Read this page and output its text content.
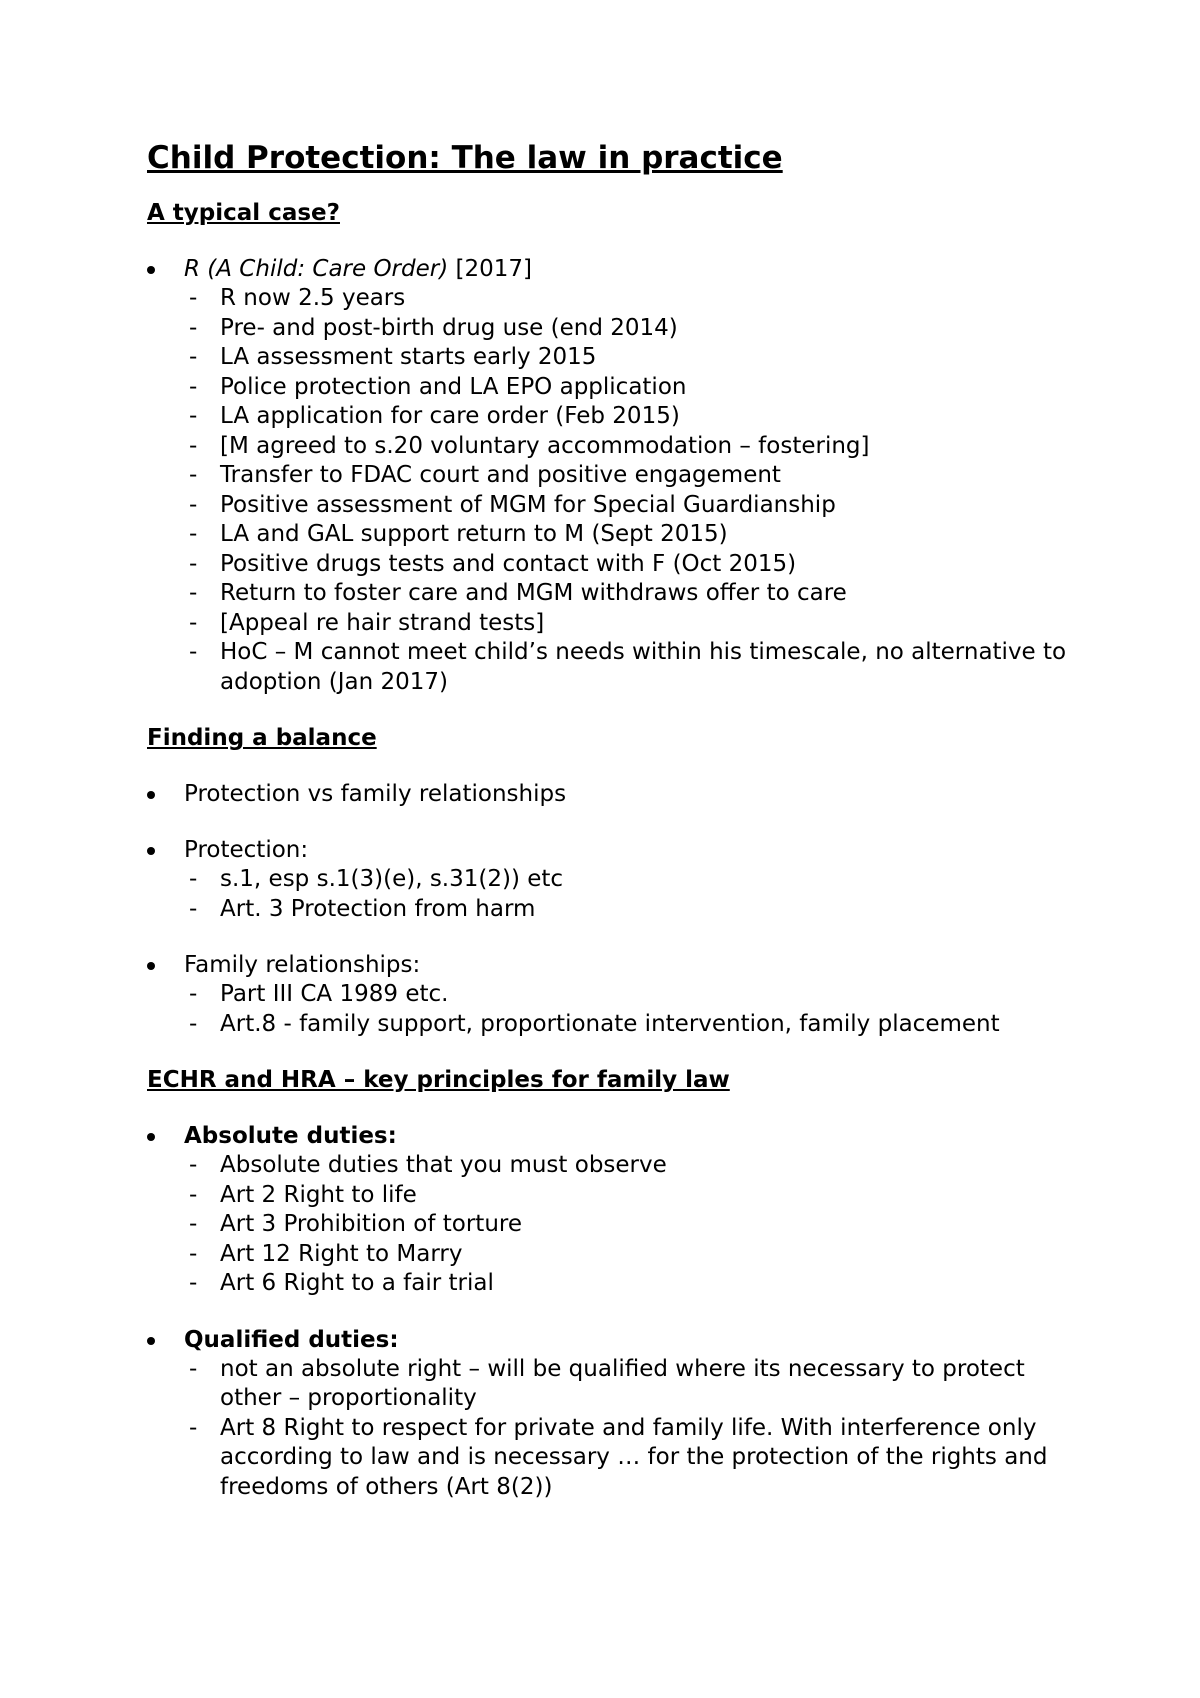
Child Protection: The law in practice
A typical case?
R (A Child: Care Order) [2017]
- R now 2.5 years
- Pre- and post-birth drug use (end 2014)
- LA assessment starts early 2015
- Police protection and LA EPO application
- LA application for care order (Feb 2015)
- [M agreed to s.20 voluntary accommodation – fostering]
- Transfer to FDAC court and positive engagement
- Positive assessment of MGM for Special Guardianship
- LA and GAL support return to M (Sept 2015)
- Positive drugs tests and contact with F (Oct 2015)
- Return to foster care and MGM withdraws offer to care
- [Appeal re hair strand tests]
- HoC – M cannot meet child’s needs within his timescale, no alternative to adoption (Jan 2017)
Finding a balance
Protection vs family relationships
Protection:
- s.1, esp s.1(3)(e), s.31(2)) etc
- Art. 3 Protection from harm
Family relationships:
- Part III CA 1989 etc.
- Art.8 - family support, proportionate intervention, family placement
ECHR and HRA – key principles for family law
Absolute duties:
- Absolute duties that you must observe
- Art 2 Right to life
- Art 3 Prohibition of torture
- Art 12 Right to Marry
- Art 6 Right to a fair trial
Qualified duties:
- not an absolute right – will be qualified where its necessary to protect other – proportionality
- Art 8 Right to respect for private and family life. With interference only according to law and is necessary … for the protection of the rights and freedoms of others (Art 8(2))
